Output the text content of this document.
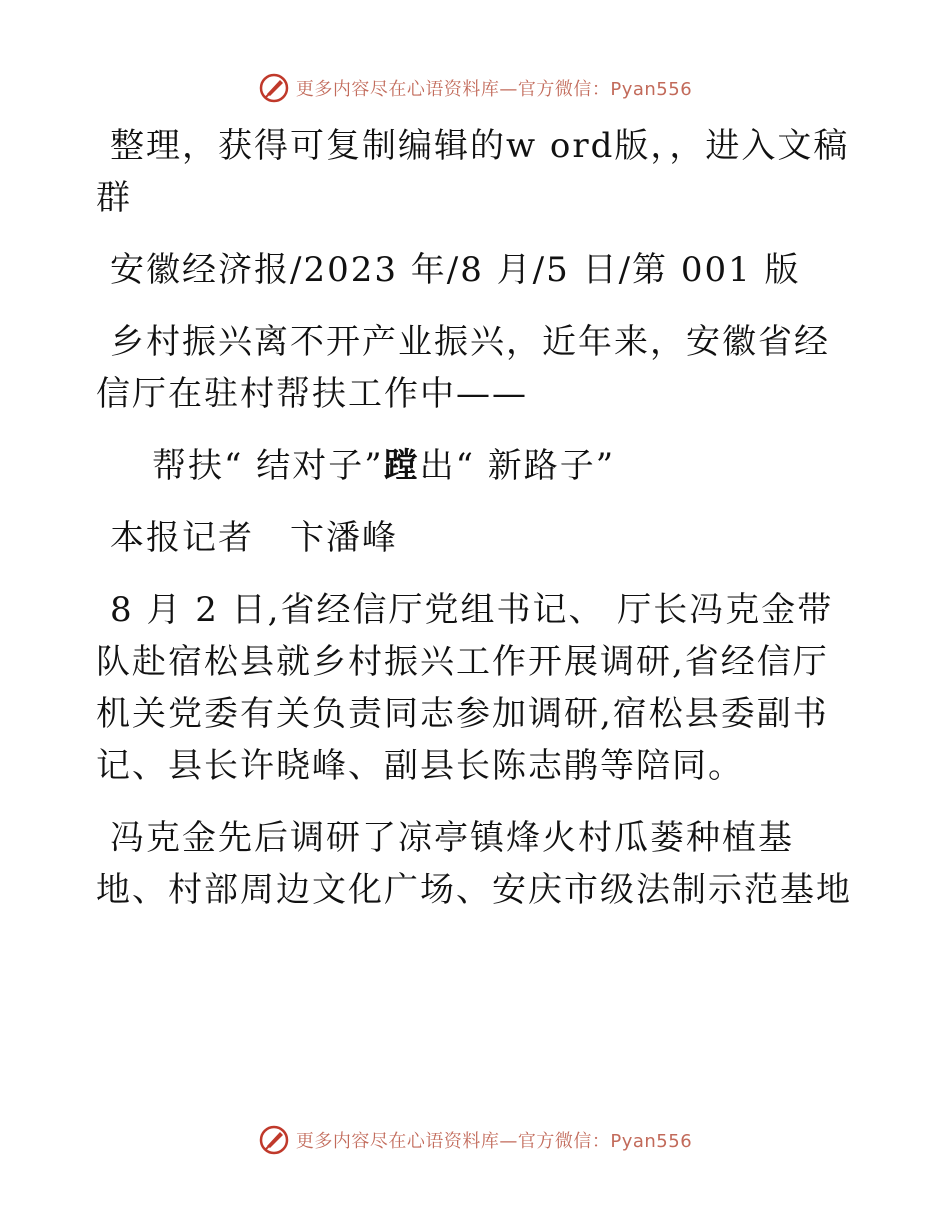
更多内容尽在心语资料库—官方微信：Pyan556

整理，获得可复制编辑的w ord版，，进入文稿群

安徽经济报/2023 年/8 月/5 日/第 001 版

乡村振兴离不开产业振兴，近年来，安徽省经信厅在驻村帮扶工作中——

帮扶“ 结对子”蹚出“ 新路子”

本报记者　卞潘峰

8 月 2 日,省经信厅党组书记、 厅长冯克金带队赴宿松县就乡村振兴工作开展调研,省经信厅机关党委有关负责同志参加调研,宿松县委副书记、县长许晓峰、副县长陈志鹃等陪同。

冯克金先后调研了凉亭镇烽火村瓜蒌种植基地、村部周边文化广场、安庆市级法制示范基地

更多内容尽在心语资料库—官方微信：Pyan556
